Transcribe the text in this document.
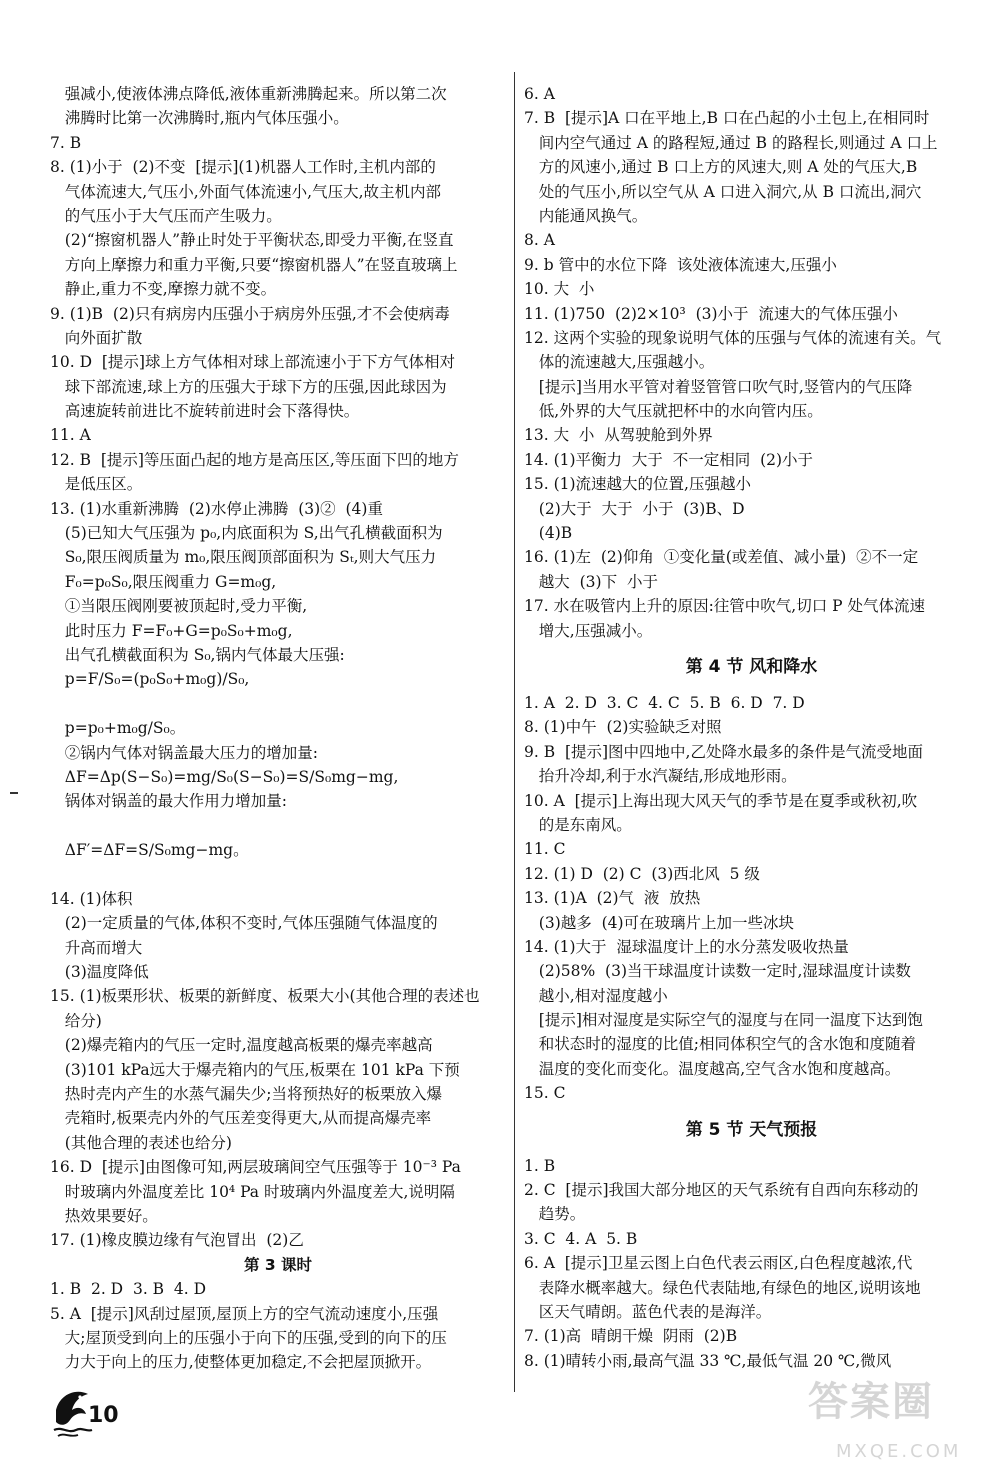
强减小,使液体沸点降低,液体重新沸腾起来。所以第二次
沸腾时比第一次沸腾时,瓶内气体压强小。
7. B
8. (1)小于  (2)不变  [提示](1)机器人工作时,主机内部的
气体流速大,气压小,外面气体流速小,气压大,故主机内部
的气压小于大气压而产生吸力。
(2)“擦窗机器人”静止时处于平衡状态,即受力平衡,在竖直
方向上摩擦力和重力平衡,只要“擦窗机器人”在竖直玻璃上
静止,重力不变,摩擦力就不变。
9. (1)B  (2)只有病房内压强小于病房外压强,才不会使病毒
向外面扩散
10. D  [提示]球上方气体相对球上部流速小于下方气体相对
球下部流速,球上方的压强大于球下方的压强,因此球因为
高速旋转前进比不旋转前进时会下落得快。
11. A
12. B  [提示]等压面凸起的地方是高压区,等压面下凹的地方
是低压区。
13. (1)水重新沸腾  (2)水停止沸腾  (3)②  (4)重
(5)已知大气压强为 p₀,内底面积为 S,出气孔横截面积为
S₀,限压阀质量为 m₀,限压阀顶部面积为 Sₜ,则大气压力
F₀=p₀S₀,限压阀重力 G=m₀g,
①当限压阀刚要被顶起时,受力平衡,
此时压力 F=F₀+G=p₀S₀+m₀g,
出气孔横截面积为 S₀,锅内气体最大压强:
p=F/S₀=(p₀S₀+m₀g)/S₀,
p=p₀+m₀g/S₀。
②锅内气体对锅盖最大压力的增加量:
ΔF=Δp(S−S₀)=mg/S₀(S−S₀)=S/S₀mg−mg,
锅体对锅盖的最大作用力增加量:
ΔF′=ΔF=S/S₀mg−mg。
14. (1)体积
(2)一定质量的气体,体积不变时,气体压强随气体温度的
升高而增大
(3)温度降低
15. (1)板栗形状、板栗的新鲜度、板栗大小(其他合理的表述也
给分)
(2)爆壳箱内的气压一定时,温度越高板栗的爆壳率越高
(3)101 kPa远大于爆壳箱内的气压,板栗在 101 kPa 下预
热时壳内产生的水蒸气漏失少;当将预热好的板栗放入爆
壳箱时,板栗壳内外的气压差变得更大,从而提高爆壳率
(其他合理的表述也给分)
16. D  [提示]由图像可知,两层玻璃间空气压强等于 10⁻³ Pa
时玻璃内外温度差比 10⁴ Pa 时玻璃内外温度差大,说明隔
热效果要好。
17. (1)橡皮膜边缘有气泡冒出  (2)乙
第 3 课时
1. B  2. D  3. B  4. D
5. A  [提示]风刮过屋顶,屋顶上方的空气流动速度小,压强
大;屋顶受到向上的压强小于向下的压强,受到的向下的压
力大于向上的压力,使整体更加稳定,不会把屋顶掀开。
6. A
7. B  [提示]A 口在平地上,B 口在凸起的小土包上,在相同时
间内空气通过 A 的路程短,通过 B 的路程长,则通过 A 口上
方的风速小,通过 B 口上方的风速大,则 A 处的气压大,B
处的气压小,所以空气从 A 口进入洞穴,从 B 口流出,洞穴
内能通风换气。
8. A
9. b 管中的水位下降  该处液体流速大,压强小
10. 大  小
11. (1)750  (2)2×10³  (3)小于  流速大的气体压强小
12. 这两个实验的现象说明气体的压强与气体的流速有关。气
体的流速越大,压强越小。
[提示]当用水平管对着竖管管口吹气时,竖管内的气压降
低,外界的大气压就把杯中的水向管内压。
13. 大  小  从驾驶舱到外界
14. (1)平衡力  大于  不一定相同  (2)小于
15. (1)流速越大的位置,压强越小
(2)大于  大于  小于  (3)B、D
(4)B
16. (1)左  (2)仰角  ①变化量(或差值、减小量)  ②不一定
越大  (3)下  小于
17. 水在吸管内上升的原因:往管中吹气,切口 P 处气体流速
增大,压强减小。
第 4 节 风和降水
1. A  2. D  3. C  4. C  5. B  6. D  7. D
8. (1)中午  (2)实验缺乏对照
9. B  [提示]图中四地中,乙处降水最多的条件是气流受地面
抬升冷却,利于水汽凝结,形成地形雨。
10. A  [提示]上海出现大风天气的季节是在夏季或秋初,吹
的是东南风。
11. C
12. (1) D  (2) C  (3)西北风  5 级
13. (1)A  (2)气  液  放热
(3)越多  (4)可在玻璃片上加一些冰块
14. (1)大于  湿球温度计上的水分蒸发吸收热量
(2)58%  (3)当干球温度计读数一定时,湿球温度计读数
越小,相对湿度越小
[提示]相对湿度是实际空气的湿度与在同一温度下达到饱
和状态时的湿度的比值;相同体积空气的含水饱和度随着
温度的变化而变化。温度越高,空气含水饱和度越高。
15. C
第 5 节 天气预报
1. B
2. C  [提示]我国大部分地区的天气系统有自西向东移动的
趋势。
3. C  4. A  5. B
6. A  [提示]卫星云图上白色代表云雨区,白色程度越浓,代
表降水概率越大。绿色代表陆地,有绿色的地区,说明该地
区天气晴朗。蓝色代表的是海洋。
7. (1)高  晴朗干燥  阴雨  (2)B
8. (1)晴转小雨,最高气温 33 ℃,最低气温 20 ℃,微风
10	答案圈
MXQE.COM
